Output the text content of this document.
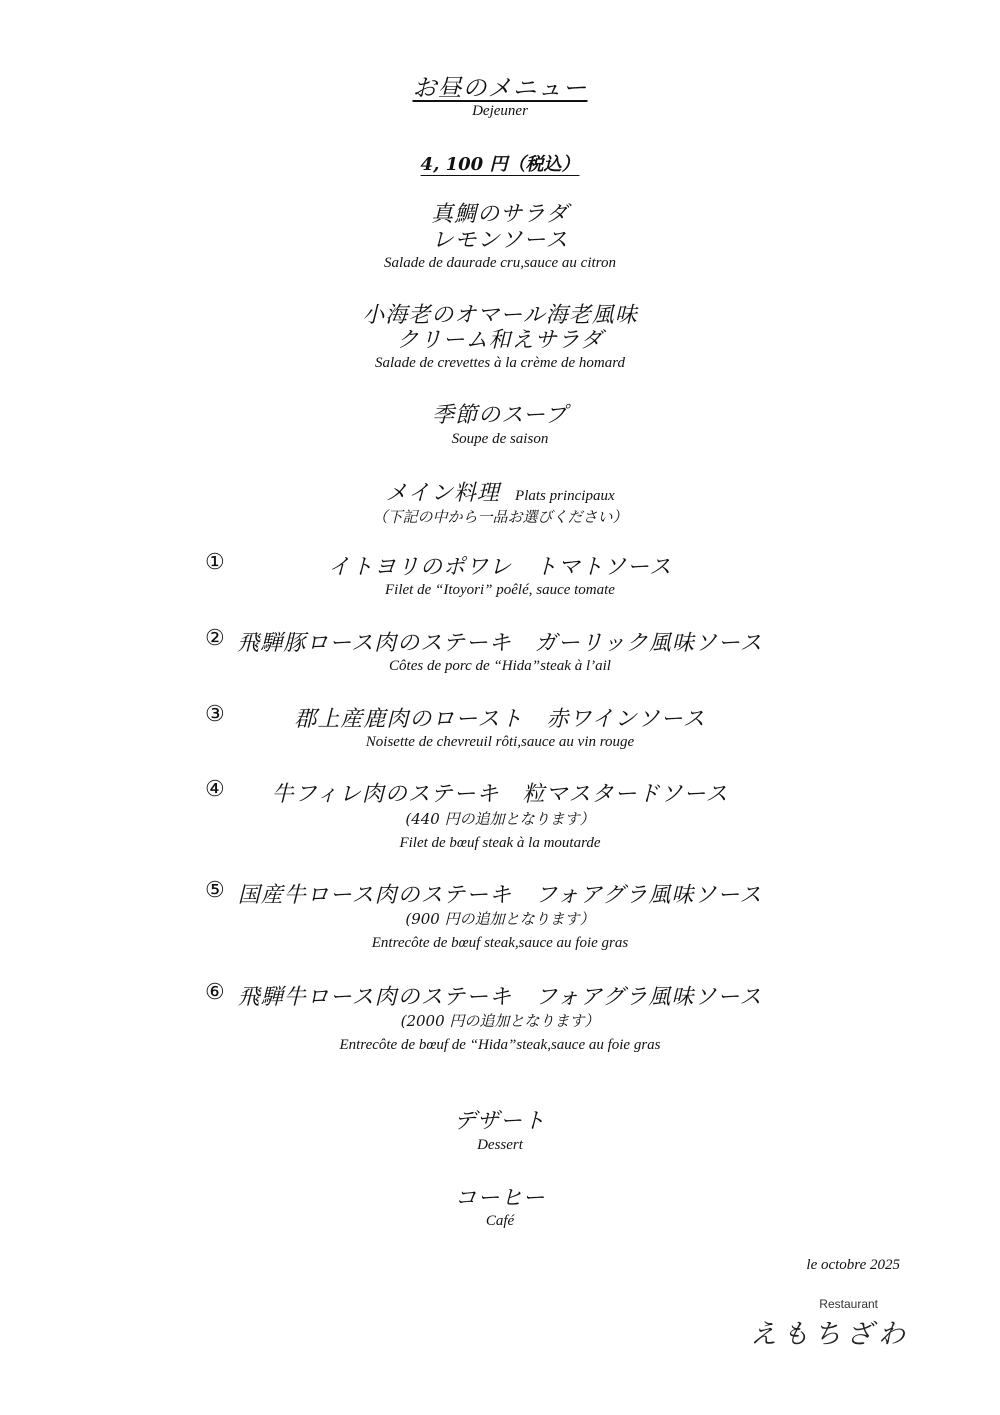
お昼のメニュー
Dejeuner
4, 100 円（税込）
真鯛のサラダ
レモンソース
Salade de daurade cru,sauce au citron
小海老のオマール海老風味
クリーム和えサラダ
Salade de crevettes à la crème de homard
季節のスープ
Soupe de saison
メイン料理 Plats principaux
（下記の中から一品お選びください）
①	イトヨリのポワレ　トマトソース
Filet de “Itoyori” poêlé, sauce tomate
② 飛騨豚ロース肉のステーキ　ガーリック風味ソース
Côtes de porc de “Hida”steak à l’ail
③	郡上産鹿肉のロースト　赤ワインソース
Noisette de chevreuil rôti,sauce au vin rouge
④	牛フィレ肉のステーキ　粒マスタードソース
(440 円の追加となります）
Filet de bœuf steak à la moutarde
⑤ 国産牛ロース肉のステーキ　フォアグラ風味ソース
(900 円の追加となります）
Entrecôte de bœuf steak,sauce au foie gras
⑥ 飛騨牛ロース肉のステーキ　フォアグラ風味ソース
(2000 円の追加となります）
Entrecôte de bœuf de “Hida”steak,sauce au foie gras
デザート
Dessert
コーヒー
Café
le octobre 2025
Restaurant
えもちざわ
